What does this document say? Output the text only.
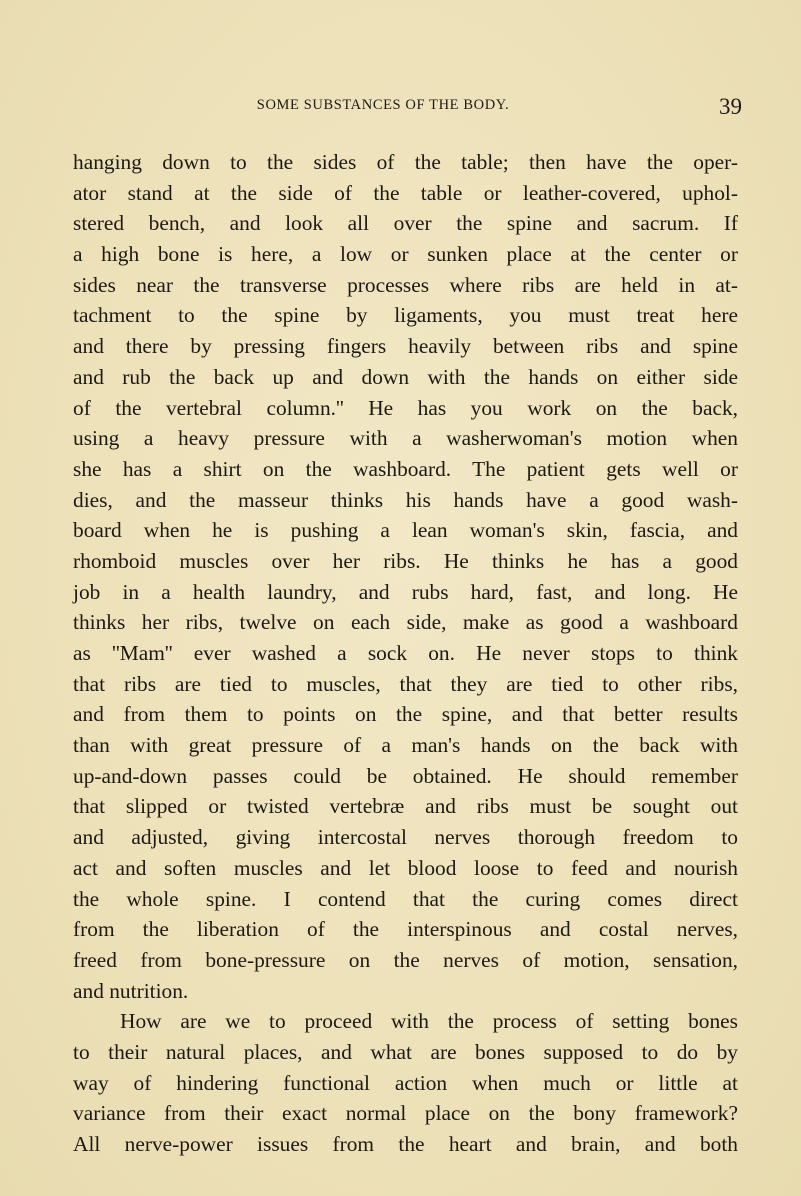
SOME SUBSTANCES OF THE BODY.	39
hanging down to the sides of the table; then have the oper-
ator stand at the side of the table or leather-covered, uphol-
stered bench, and look all over the spine and sacrum. If
a high bone is here, a low or sunken place at the center or
sides near the transverse processes where ribs are held in at-
tachment to the spine by ligaments, you must treat here
and there by pressing fingers heavily between ribs and spine
and rub the back up and down with the hands on either side
of the vertebral column.'' He has you work on the back,
using a heavy pressure with a washerwoman's motion when
she has a shirt on the washboard. The patient gets well or
dies, and the masseur thinks his hands have a good wash-
board when he is pushing a lean woman's skin, fascia, and
rhomboid muscles over her ribs. He thinks he has a good
job in a health laundry, and rubs hard, fast, and long. He
thinks her ribs, twelve on each side, make as good a washboard
as ''Mam'' ever washed a sock on. He never stops to think
that ribs are tied to muscles, that they are tied to other ribs,
and from them to points on the spine, and that better results
than with great pressure of a man's hands on the back with
up-and-down passes could be obtained. He should remember
that slipped or twisted vertebræ and ribs must be sought out
and adjusted, giving intercostal nerves thorough freedom to
act and soften muscles and let blood loose to feed and nourish
the whole spine. I contend that the curing comes direct
from the liberation of the interspinous and costal nerves,
freed from bone-pressure on the nerves of motion, sensation,
and nutrition.
How are we to proceed with the process of setting bones
to their natural places, and what are bones supposed to do by
way of hindering functional action when much or little at
variance from their exact normal place on the bony framework?
All nerve-power issues from the heart and brain, and both
